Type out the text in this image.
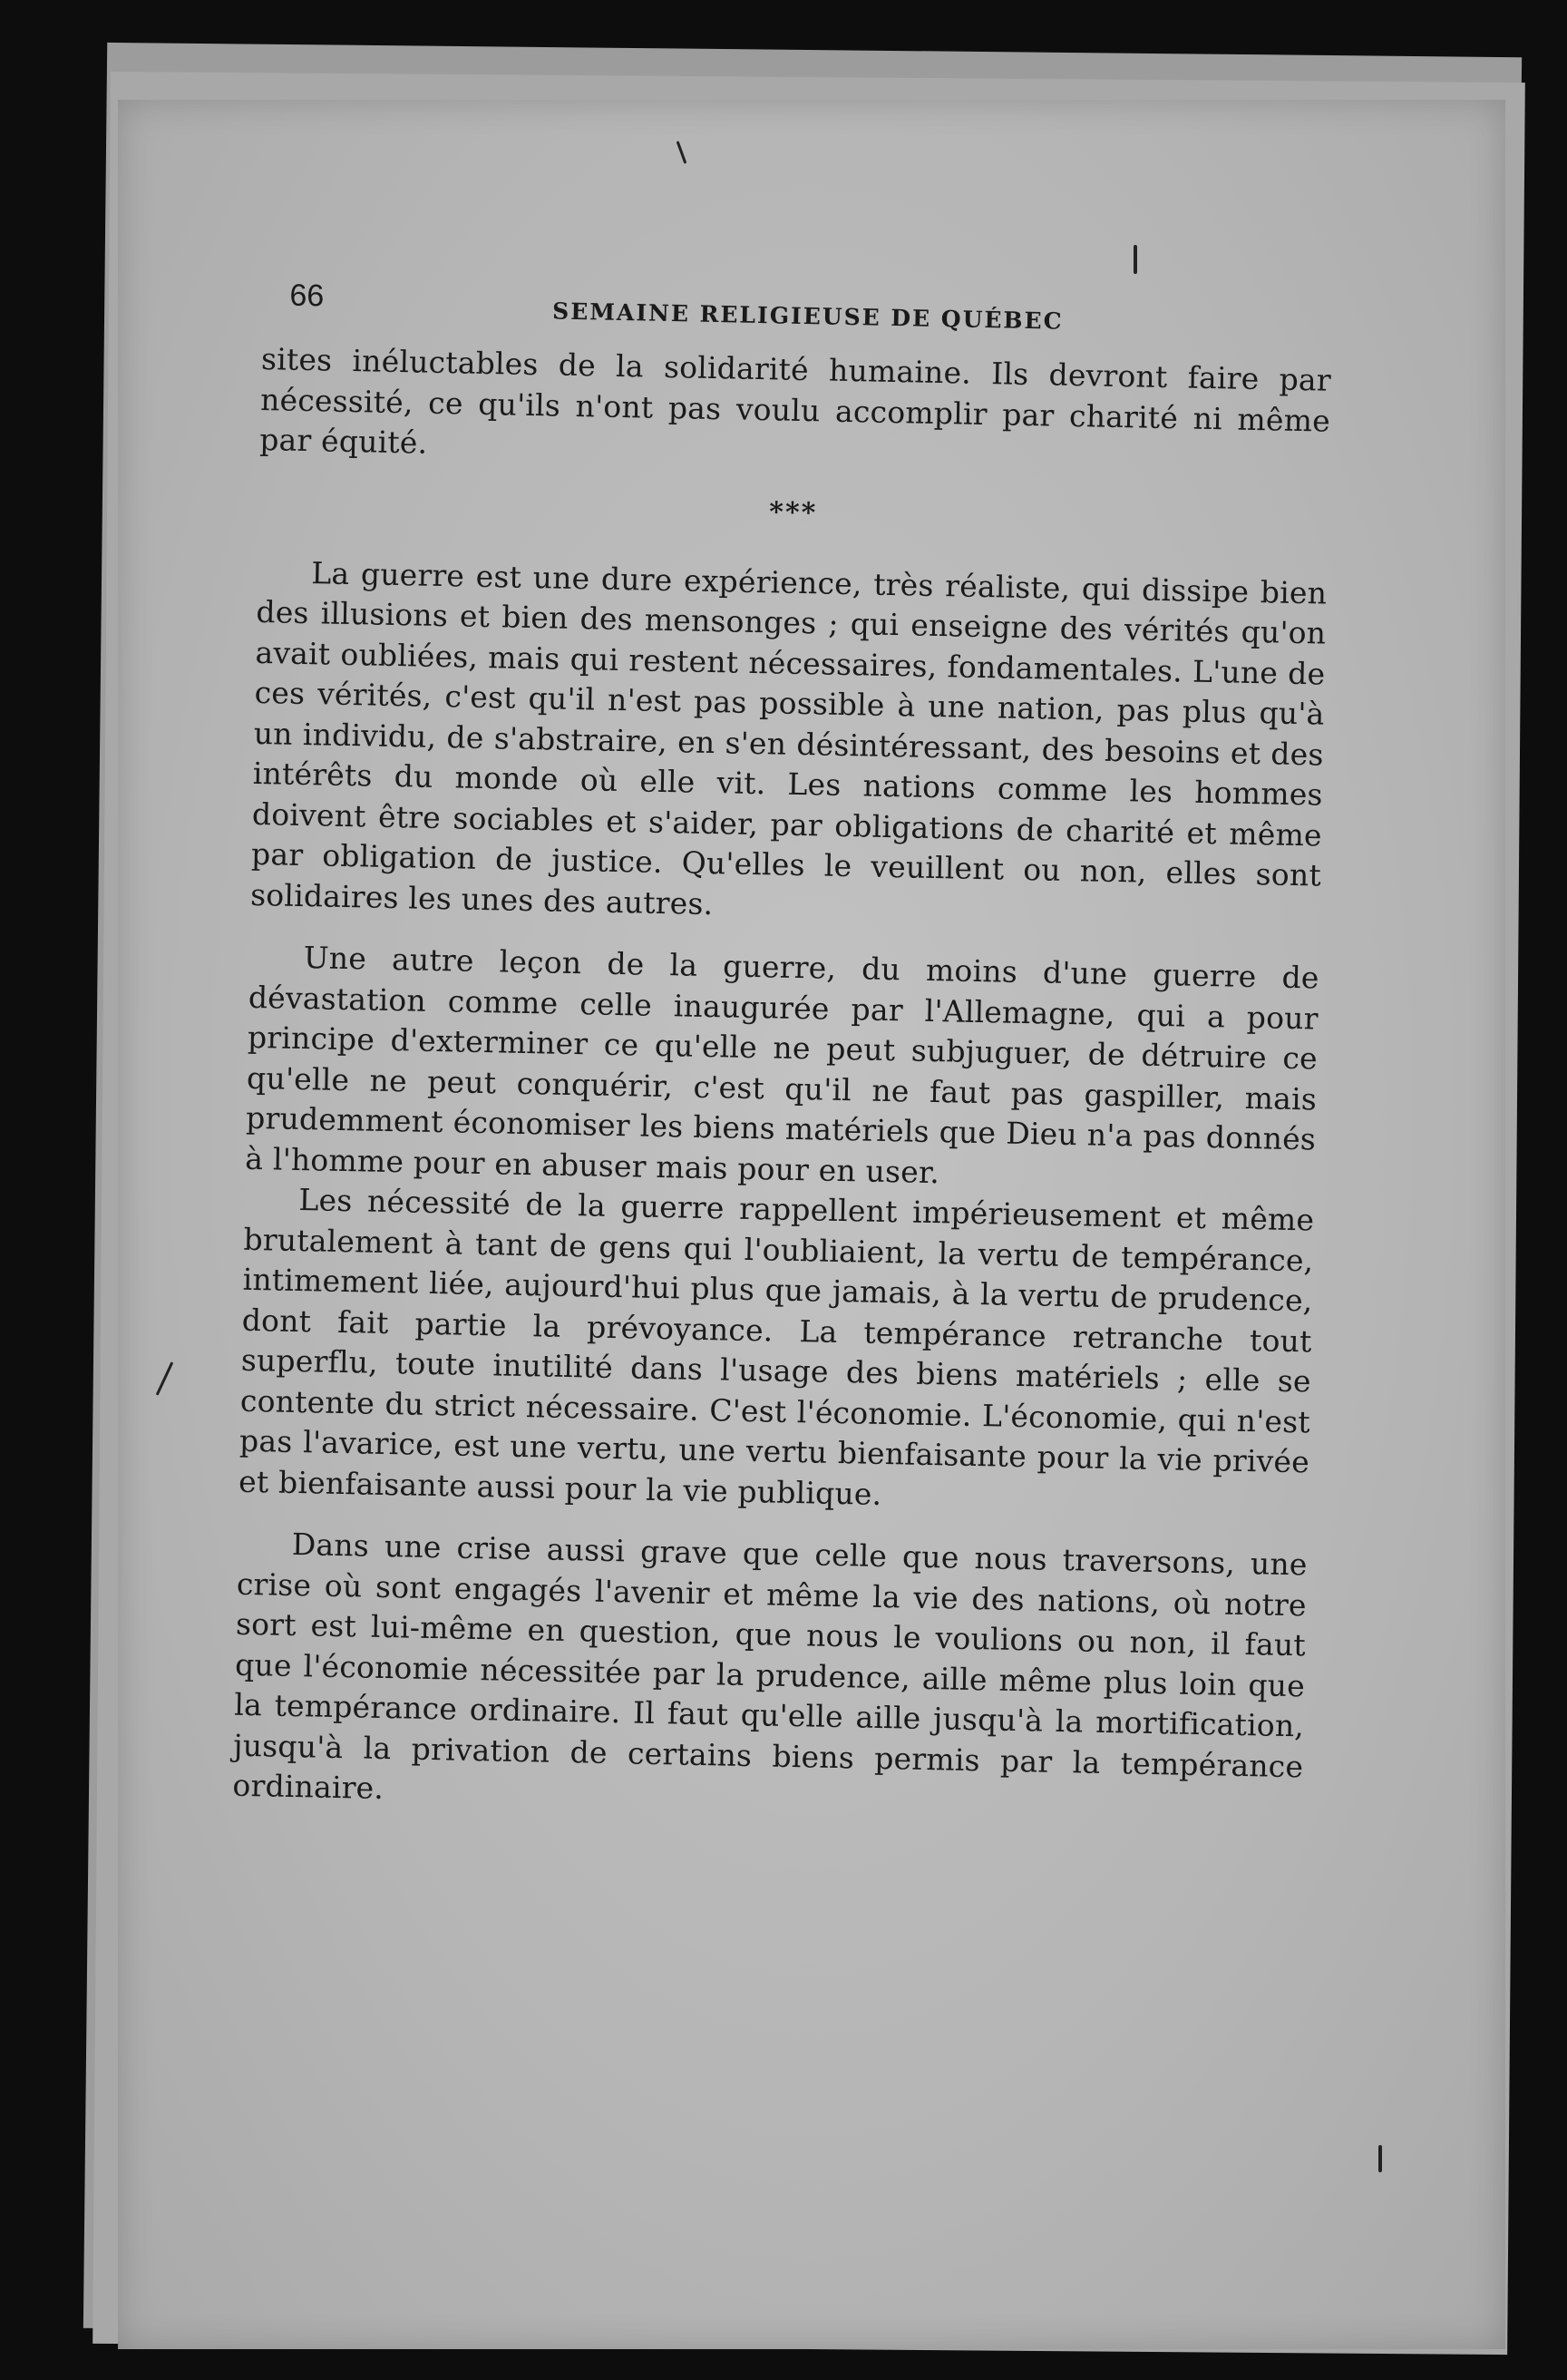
66
SEMAINE RELIGIEUSE DE QUÉBEC

sites inéluctables de la solidarité humaine. Ils devront faire par nécessité, ce qu'ils n'ont pas voulu accomplir par charité ni même par équité.

***

La guerre est une dure expérience, très réaliste, qui dissipe bien des illusions et bien des mensonges ; qui enseigne des vérités qu'on avait oubliées, mais qui restent nécessaires, fondamentales. L'une de ces vérités, c'est qu'il n'est pas possible à une nation, pas plus qu'à un individu, de s'abstraire, en s'en désintéressant, des besoins et des intérêts du monde où elle vit. Les nations comme les hommes doivent être sociables et s'aider, par obligations de charité et même par obligation de justice. Qu'elles le veuillent ou non, elles sont solidaires les unes des autres.

Une autre leçon de la guerre, du moins d'une guerre de dévastation comme celle inaugurée par l'Allemagne, qui a pour principe d'exterminer ce qu'elle ne peut subjuguer, de détruire ce qu'elle ne peut conquérir, c'est qu'il ne faut pas gaspiller, mais prudemment économiser les biens matériels que Dieu n'a pas donnés à l'homme pour en abuser mais pour en user.

Les nécessité de la guerre rappellent impérieusement et même brutalement à tant de gens qui l'oubliaient, la vertu de tempérance, intimement liée, aujourd'hui plus que jamais, à la vertu de prudence, dont fait partie la prévoyance. La tempérance retranche tout superflu, toute inutilité dans l'usage des biens matériels ; elle se contente du strict nécessaire. C'est l'économie. L'économie, qui n'est pas l'avarice, est une vertu, une vertu bienfaisante pour la vie privée et bienfaisante aussi pour la vie publique.

Dans une crise aussi grave que celle que nous traversons, une crise où sont engagés l'avenir et même la vie des nations, où notre sort est lui-même en question, que nous le voulions ou non, il faut que l'économie nécessitée par la prudence, aille même plus loin que la tempérance ordinaire. Il faut qu'elle aille jusqu'à la mortification, jusqu'à la privation de certains biens permis par la tempérance ordinaire.
